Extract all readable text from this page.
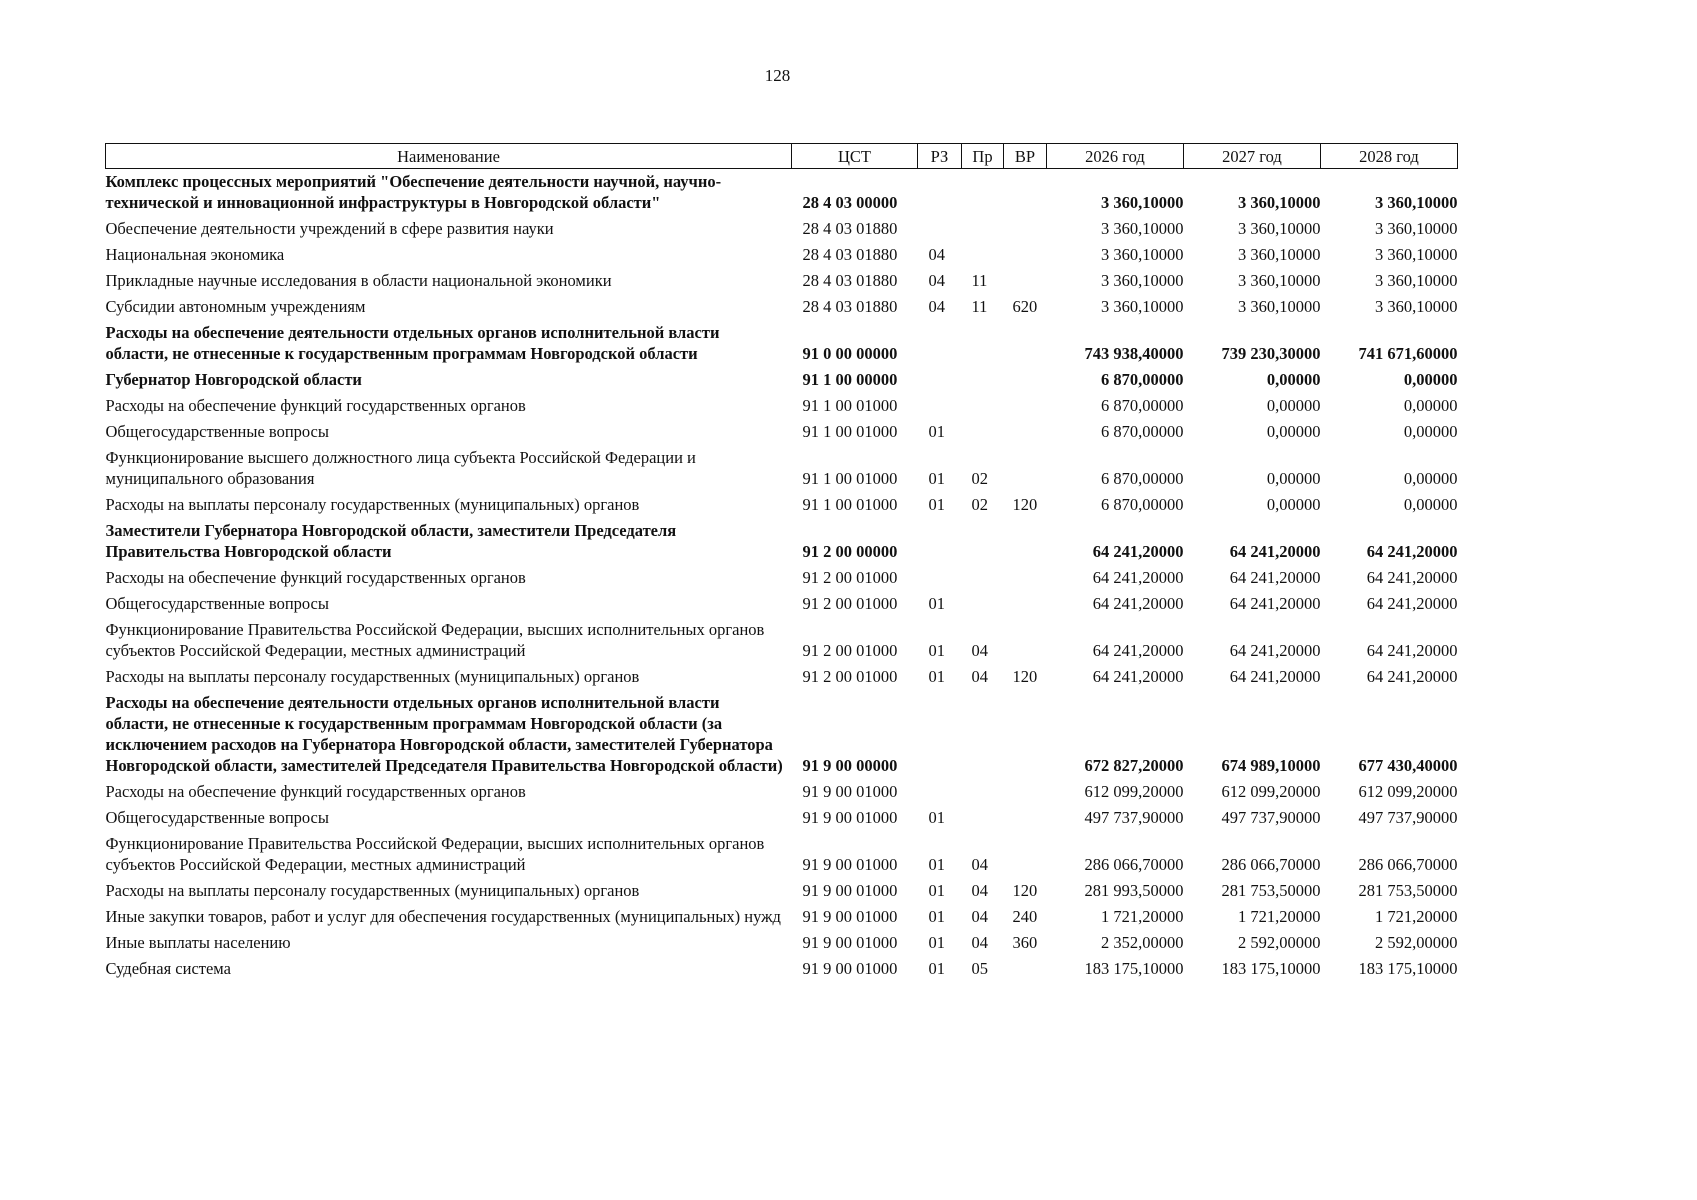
128
Наименование	ЦСТ	РЗ	Пр	ВР	2026 год	2027 год	2028 год
Комплекс процессных мероприятий "Обеспечение деятельности научной, научно-технической и инновационной инфраструктуры в Новгородской области"	28 4 03 00000				3 360,10000	3 360,10000	3 360,10000
Обеспечение деятельности учреждений в сфере развития науки	28 4 03 01880				3 360,10000	3 360,10000	3 360,10000
Национальная экономика	28 4 03 01880	04			3 360,10000	3 360,10000	3 360,10000
Прикладные научные исследования в области национальной экономики	28 4 03 01880	04	11		3 360,10000	3 360,10000	3 360,10000
Субсидии автономным учреждениям	28 4 03 01880	04	11	620	3 360,10000	3 360,10000	3 360,10000
Расходы на обеспечение деятельности отдельных органов исполнительной власти области, не отнесенные к государственным программам Новгородской области	91 0 00 00000				743 938,40000	739 230,30000	741 671,60000
Губернатор Новгородской области	91 1 00 00000				6 870,00000	0,00000	0,00000
Расходы на обеспечение функций государственных органов	91 1 00 01000				6 870,00000	0,00000	0,00000
Общегосударственные вопросы	91 1 00 01000	01			6 870,00000	0,00000	0,00000
Функционирование высшего должностного лица субъекта Российской Федерации и муниципального образования	91 1 00 01000	01	02		6 870,00000	0,00000	0,00000
Расходы на выплаты персоналу государственных (муниципальных) органов	91 1 00 01000	01	02	120	6 870,00000	0,00000	0,00000
Заместители Губернатора Новгородской области, заместители Председателя Правительства Новгородской области	91 2 00 00000				64 241,20000	64 241,20000	64 241,20000
Расходы на обеспечение функций государственных органов	91 2 00 01000				64 241,20000	64 241,20000	64 241,20000
Общегосударственные вопросы	91 2 00 01000	01			64 241,20000	64 241,20000	64 241,20000
Функционирование Правительства Российской Федерации, высших исполнительных органов субъектов Российской Федерации, местных администраций	91 2 00 01000	01	04		64 241,20000	64 241,20000	64 241,20000
Расходы на выплаты персоналу государственных (муниципальных) органов	91 2 00 01000	01	04	120	64 241,20000	64 241,20000	64 241,20000
Расходы на обеспечение деятельности отдельных органов исполнительной власти области, не отнесенные к государственным программам Новгородской области (за исключением расходов на Губернатора Новгородской области, заместителей Губернатора Новгородской области, заместителей Председателя Правительства Новгородской области)	91 9 00 00000				672 827,20000	674 989,10000	677 430,40000
Расходы на обеспечение функций государственных органов	91 9 00 01000				612 099,20000	612 099,20000	612 099,20000
Общегосударственные вопросы	91 9 00 01000	01			497 737,90000	497 737,90000	497 737,90000
Функционирование Правительства Российской Федерации, высших исполнительных органов субъектов Российской Федерации, местных администраций	91 9 00 01000	01	04		286 066,70000	286 066,70000	286 066,70000
Расходы на выплаты персоналу государственных (муниципальных) органов	91 9 00 01000	01	04	120	281 993,50000	281 753,50000	281 753,50000
Иные закупки товаров, работ и услуг для обеспечения государственных (муниципальных) нужд	91 9 00 01000	01	04	240	1 721,20000	1 721,20000	1 721,20000
Иные выплаты населению	91 9 00 01000	01	04	360	2 352,00000	2 592,00000	2 592,00000
Судебная система	91 9 00 01000	01	05		183 175,10000	183 175,10000	183 175,10000
